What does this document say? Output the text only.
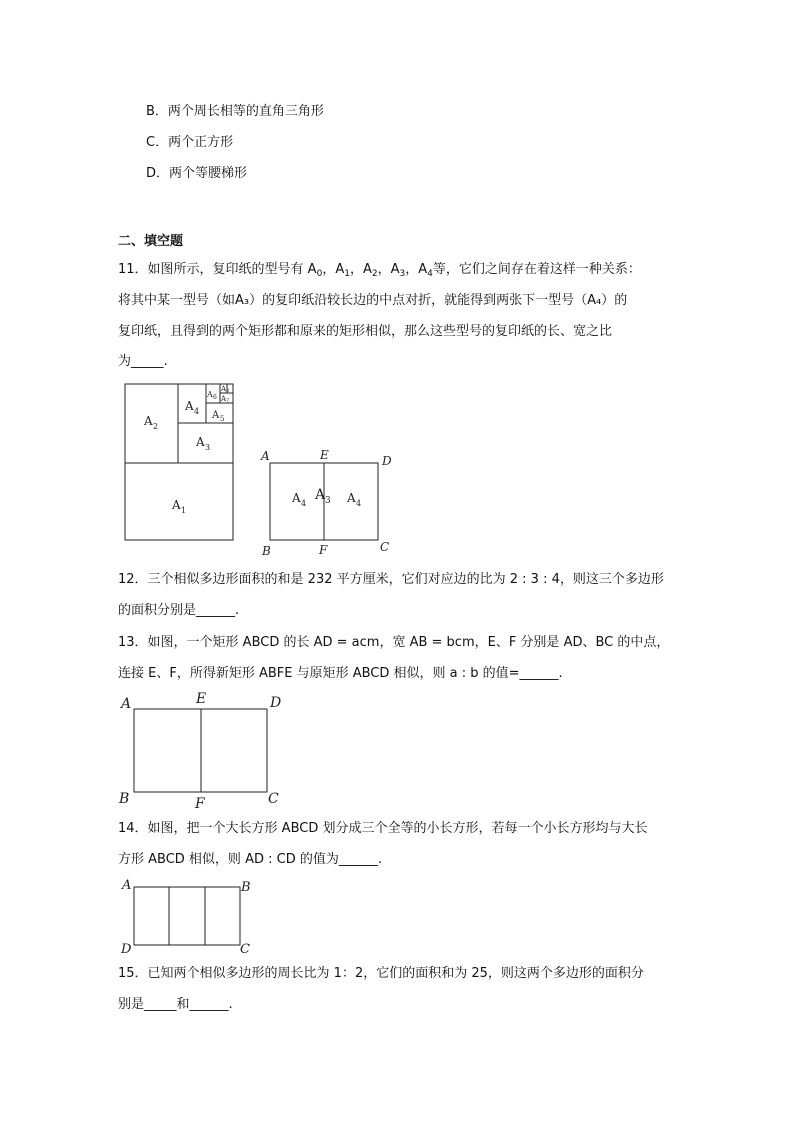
B．两个周长相等的直角三角形
C．两个正方形
D．两个等腰梯形
二、填空题
11．如图所示，复印纸的型号有 $A_0$，$A_1$，$A_2$，$A_3$，$A_4$等，它们之间存在着这样一种关系：
将其中某一型号（如A₃）的复印纸沿较长边的中点对折，就能得到两张下一型号（A₄）的
复印纸，且得到的两个矩形都和原来的矩形相似，那么这些型号的复印纸的长、宽之比
为_____.
A 1
A 2
A 3
A 4 A 5
A 6
A 3
A 7
A	E	D
B	F	C
A 4
A 3 A 4
12．三个相似多边形面积的和是 232 平方厘米，它们对应边的比为 2 : 3 : 4，则这三个多边形
的面积分别是______.
13．如图，一个矩形 ABCD 的长 AD = acm，宽 AB = bcm，E、F 分别是 AD、BC 的中点，
连接 E、F，所得新矩形 ABFE 与原矩形 ABCD 相似，则 a : b 的值=______.
A	E	D
B	F	C
14．如图，把一个大长方形 ABCD 划分成三个全等的小长方形，若每一个小长方形均与大长
方形 ABCD 相似，则 AD : CD 的值为______.
A	B
D	C
15．已知两个相似多边形的周长比为 1：2，它们的面积和为 25，则这两个多边形的面积分
别是_____和______.
